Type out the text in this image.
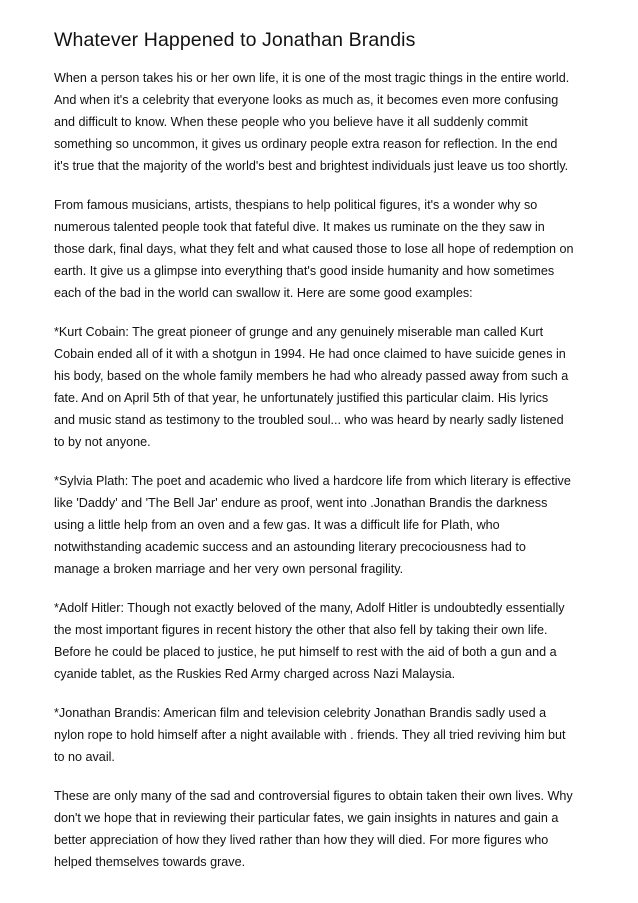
Whatever Happened to Jonathan Brandis

When a person takes his or her own life, it is one of the most tragic things in the entire world.
And when it's a celebrity that everyone looks as much as, it becomes even more confusing
and difficult to know. When these people who you believe have it all suddenly commit
something so uncommon, it gives us ordinary people extra reason for reflection. In the end
it's true that the majority of the world's best and brightest individuals just leave us too shortly.

From famous musicians, artists, thespians to help political figures, it's a wonder why so
numerous talented people took that fateful dive. It makes us ruminate on the they saw in
those dark, final days, what they felt and what caused those to lose all hope of redemption on
earth. It give us a glimpse into everything that's good inside humanity and how sometimes
each of the bad in the world can swallow it. Here are some good examples:

*Kurt Cobain: The great pioneer of grunge and any genuinely miserable man called Kurt
Cobain ended all of it with a shotgun in 1994. He had once claimed to have suicide genes in
his body, based on the whole family members he had who already passed away from such a
fate. And on April 5th of that year, he unfortunately justified this particular claim. His lyrics
and music stand as testimony to the troubled soul... who was heard by nearly sadly listened
to by not anyone.

*Sylvia Plath: The poet and academic who lived a hardcore life from which literary is effective
like 'Daddy' and 'The Bell Jar' endure as proof, went into .Jonathan Brandis the darkness
using a little help from an oven and a few gas. It was a difficult life for Plath, who
notwithstanding academic success and an astounding literary precociousness had to
manage a broken marriage and her very own personal fragility.

*Adolf Hitler: Though not exactly beloved of the many, Adolf Hitler is undoubtedly essentially
the most important figures in recent history the other that also fell by taking their own life.
Before he could be placed to justice, he put himself to rest with the aid of both a gun and a
cyanide tablet, as the Ruskies Red Army charged across Nazi Malaysia.

*Jonathan Brandis: American film and television celebrity Jonathan Brandis sadly used a
nylon rope to hold himself after a night available with . friends. They all tried reviving him but
to no avail.

These are only many of the sad and controversial figures to obtain taken their own lives. Why
don't we hope that in reviewing their particular fates, we gain insights in natures and gain a
better appreciation of how they lived rather than how they will died. For more figures who
helped themselves towards grave.
